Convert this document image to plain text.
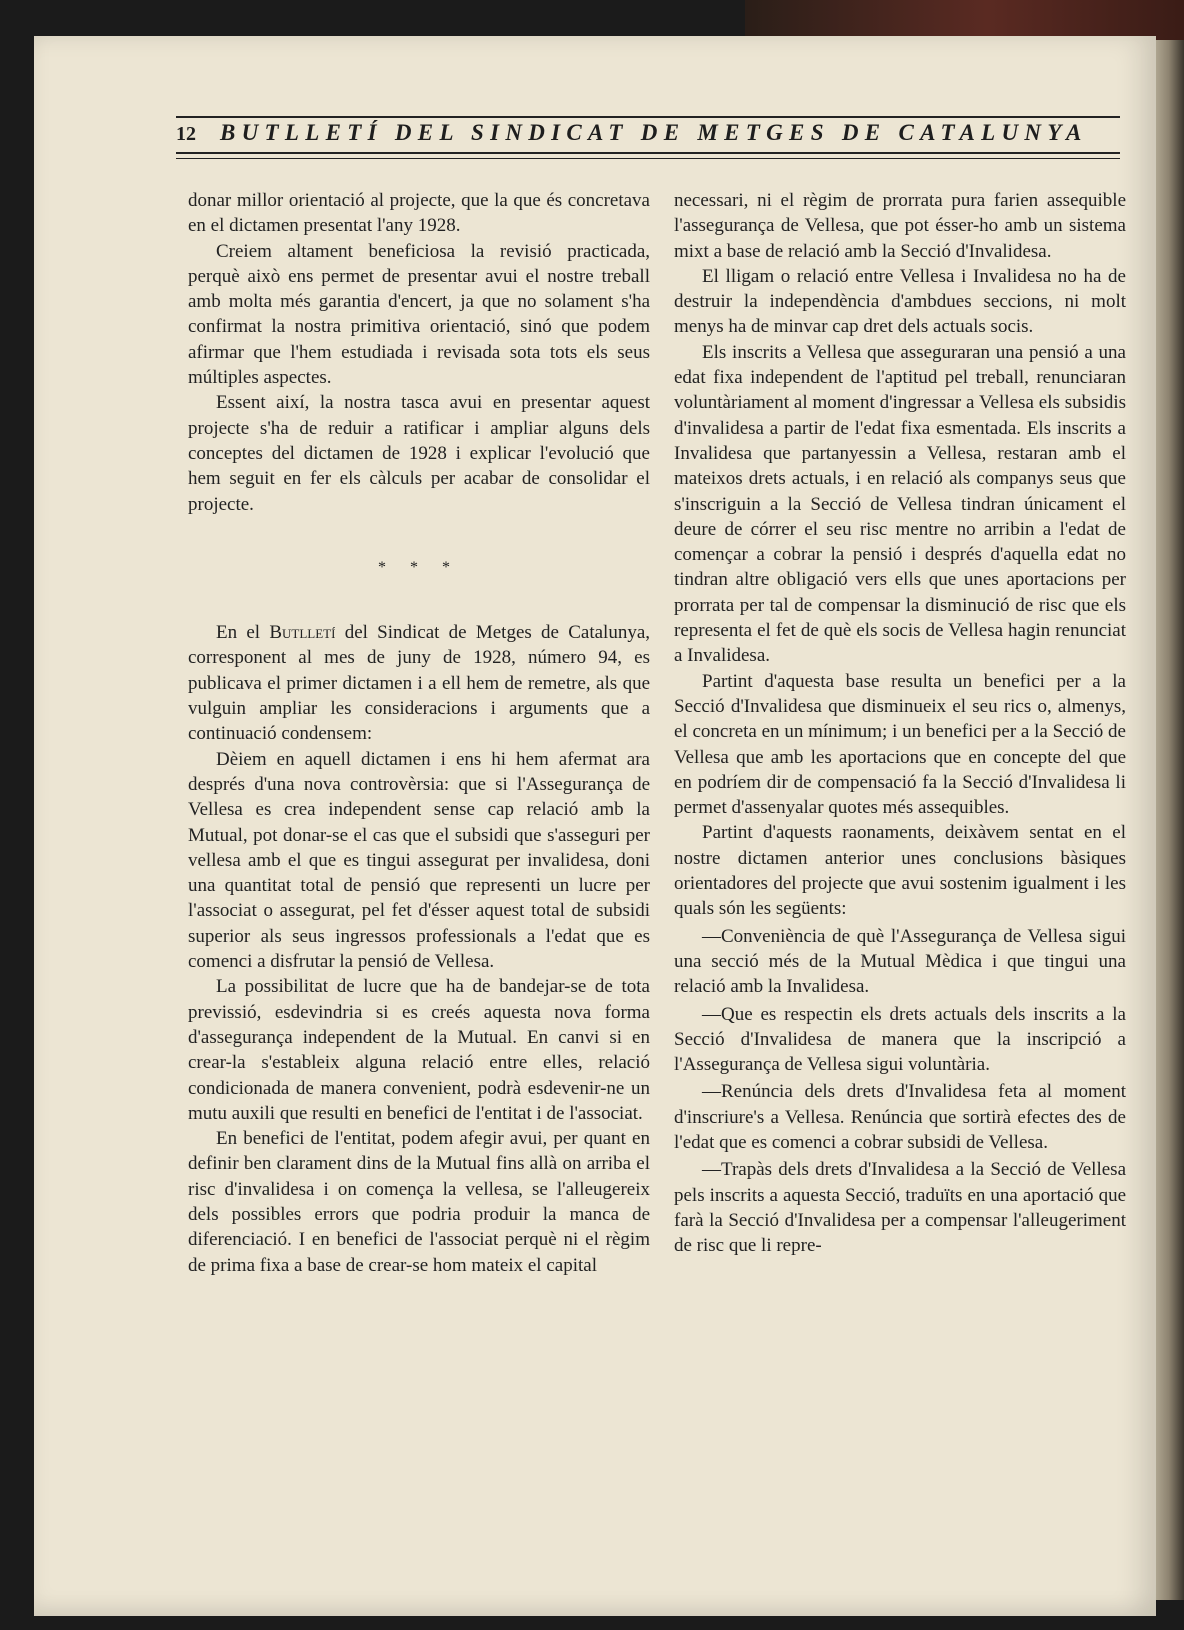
12	BUTLLETÍ DEL SINDICAT DE METGES DE CATALUNYA

donar millor orientació al projecte, que la que és concretava en el dictamen presentat l'any 1928.

Creiem altament beneficiosa la revisió practicada, perquè això ens permet de presentar avui el nostre treball amb molta més garantia d'encert, ja que no solament s'ha confirmat la nostra primitiva orientació, sinó que podem afirmar que l'hem estudiada i revisada sota tots els seus múltiples aspectes.

Essent així, la nostra tasca avui en presentar aquest projecte s'ha de reduir a ratificar i ampliar alguns dels conceptes del dictamen de 1928 i explicar l'evolució que hem seguit en fer els càlculs per acabar de consolidar el projecte.

* * *

En el Butlletí del Sindicat de Metges de Catalunya, corresponent al mes de juny de 1928, número 94, es publicava el primer dictamen i a ell hem de remetre, als que vulguin ampliar les consideracions i arguments que a continuació condensem:

Dèiem en aquell dictamen i ens hi hem afermat ara després d'una nova controvèrsia: que si l'Assegurança de Vellesa es crea independent sense cap relació amb la Mutual, pot donar-se el cas que el subsidi que s'asseguri per vellesa amb el que es tingui assegurat per invalidesa, doni una quantitat total de pensió que representi un lucre per l'associat o assegurat, pel fet d'ésser aquest total de subsidi superior als seus ingressos professionals a l'edat que es comenci a disfrutar la pensió de Vellesa.

La possibilitat de lucre que ha de bandejar-se de tota previssió, esdevindria si es creés aquesta nova forma d'assegurança independent de la Mutual. En canvi si en crear-la s'estableix alguna relació entre elles, relació condicionada de manera convenient, podrà esdevenir-ne un mutu auxili que resulti en benefici de l'entitat i de l'associat.

En benefici de l'entitat, podem afegir avui, per quant en definir ben clarament dins de la Mutual fins allà on arriba el risc d'invalidesa i on comença la vellesa, se l'alleugereix dels possibles errors que podria produir la manca de diferenciació. I en benefici de l'associat perquè ni el règim de prima fixa a base de crear-se hom mateix el capital

necessari, ni el règim de prorrata pura farien assequible l'assegurança de Vellesa, que pot ésser-ho amb un sistema mixt a base de relació amb la Secció d'Invalidesa.

El lligam o relació entre Vellesa i Invalidesa no ha de destruir la independència d'ambdues seccions, ni molt menys ha de minvar cap dret dels actuals socis.

Els inscrits a Vellesa que asseguraran una pensió a una edat fixa independent de l'aptitud pel treball, renunciaran voluntàriament al moment d'ingressar a Vellesa els subsidis d'invalidesa a partir de l'edat fixa esmentada. Els inscrits a Invalidesa que partanyessin a Vellesa, restaran amb el mateixos drets actuals, i en relació als companys seus que s'inscriguin a la Secció de Vellesa tindran únicament el deure de córrer el seu risc mentre no arribin a l'edat de començar a cobrar la pensió i després d'aquella edat no tindran altre obligació vers ells que unes aportacions per prorrata per tal de compensar la disminució de risc que els representa el fet de què els socis de Vellesa hagin renunciat a Invalidesa.

Partint d'aquesta base resulta un benefici per a la Secció d'Invalidesa que disminueix el seu rics o, almenys, el concreta en un mínimum; i un benefici per a la Secció de Vellesa que amb les aportacions que en concepte del que en podríem dir de compensació fa la Secció d'Invalidesa li permet d'assenyalar quotes més assequibles.

Partint d'aquests raonaments, deixàvem sentat en el nostre dictamen anterior unes conclusions bàsiques orientadores del projecte que avui sostenim igualment i les quals són les següents:

—Conveniència de què l'Assegurança de Vellesa sigui una secció més de la Mutual Mèdica i que tingui una relació amb la Invalidesa.

—Que es respectin els drets actuals dels inscrits a la Secció d'Invalidesa de manera que la inscripció a l'Assegurança de Vellesa sigui voluntària.

—Renúncia dels drets d'Invalidesa feta al moment d'inscriure's a Vellesa. Renúncia que sortirà efectes des de l'edat que es comenci a cobrar subsidi de Vellesa.

—Trapàs dels drets d'Invalidesa a la Secció de Vellesa pels inscrits a aquesta Secció, traduïts en una aportació que farà la Secció d'Invalidesa per a compensar l'alleugeriment de risc que li repre-
